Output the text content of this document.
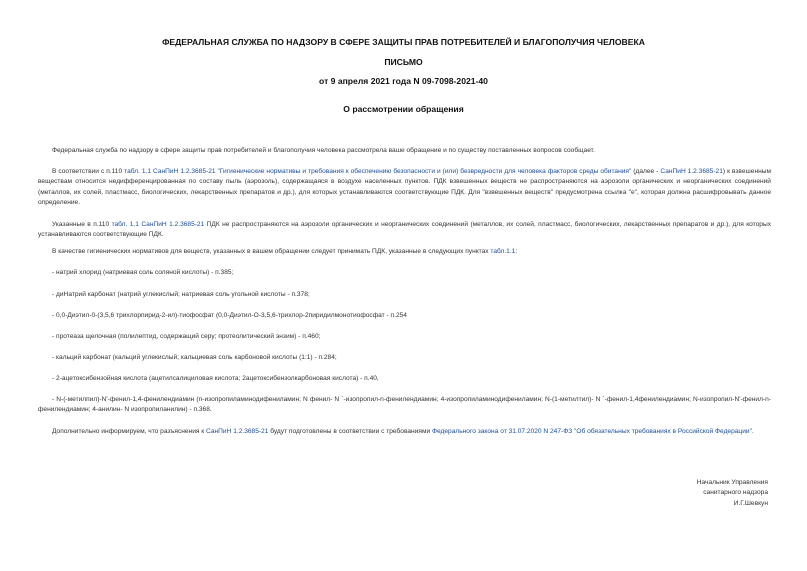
ФЕДЕРАЛЬНАЯ СЛУЖБА ПО НАДЗОРУ В СФЕРЕ ЗАЩИТЫ ПРАВ ПОТРЕБИТЕЛЕЙ И БЛАГОПОЛУЧИЯ ЧЕЛОВЕКА
ПИСЬМО
от 9 апреля 2021 года N 09-7098-2021-40
О рассмотрении обращения
Федеральная служба по надзору в сфере защиты прав потребителей и благополучия человека рассмотрела ваше обращение и по существу поставленных вопросов сообщает.
В соответствии с п.110 табл. 1.1 СанПиН 1.2.3685-21 "Гигиенические нормативы и требования к обеспечению безопасности и (или) безвредности для человека факторов среды обитания" (далее - СанПиН 1.2.3685-21) к взвешенным веществам относится недифференцированная по составу пыль (аэрозоль), содержащаяся в воздухе населенных пунктов. ПДК взвешенных веществ не распространяются на аэрозоли органических и неорганических соединений (металлов, их солей, пластмасс, биологических, лекарственных препаратов и др.), для которых устанавливаются соответствующие ПДК. Для "взвешенных веществ" предусмотрена ссылка "е", которая должна расшифровывать данное определение.
Указанные в п.110 табл. 1.1 СанПиН 1.2.3685-21 ПДК не распространяются на аэрозоли органических и неорганических соединений (металлов, их солей, пластмасс, биологических, лекарственных препаратов и др.), для которых устанавливаются соответствующие ПДК.
В качестве гигиенических нормативов для веществ, указанных в вашем обращении следует принимать ПДК, указанные в следующих пунктах табл.1.1:
- натрий хлорид (натриевая соль соляной кислоты) - п.385;
- диНатрий карбонат (натрий углекислый; натриевая соль угольной кислоты - п.378;
- 0,0-Диэтил-0-(3,5,6 трихлорпирид-2-ил)-тиофосфат (0,0-Диэтил-О-3,5,6-трихлор-2пиридилмонотиофосфат - п.254
- протеаза щелочная (полилептид, содержащий серу; протеолитический энзим) - п.460;
- кальций карбонат (кальций углекислый; кальциевая соль карбоновой кислоты (1:1) - п.284;
- 2-ацетоксибензойная кислота (ацетилсалициловая кислота; 2ацетоксибензолкарбоновая кислота) - п.40,
- N-(-метилпил)-N'-фенил-1,4-фенилендиамин (n-изопропиламинодифениламин; N фенил- N `-изопропил-n-фенилендиамин; 4-изопропиламинодифениламин; N-(1-метилтил)- N `-фенил-1,4фенилендиамин; N-изопропил-N'-фенил-n-фенилендиамин; 4-анилин- N изопропиланилин) - п.368.
Дополнительно информируем, что разъяснения к СанПиН 1.2.3685-21 будут подготовлены в соответствии с требованиями Федерального закона от 31.07.2020 N 247-ФЗ "Об обязательных требованиях в Российской Федерации".
Начальник Управления
санитарного надзора
И.Г.Шевкун
